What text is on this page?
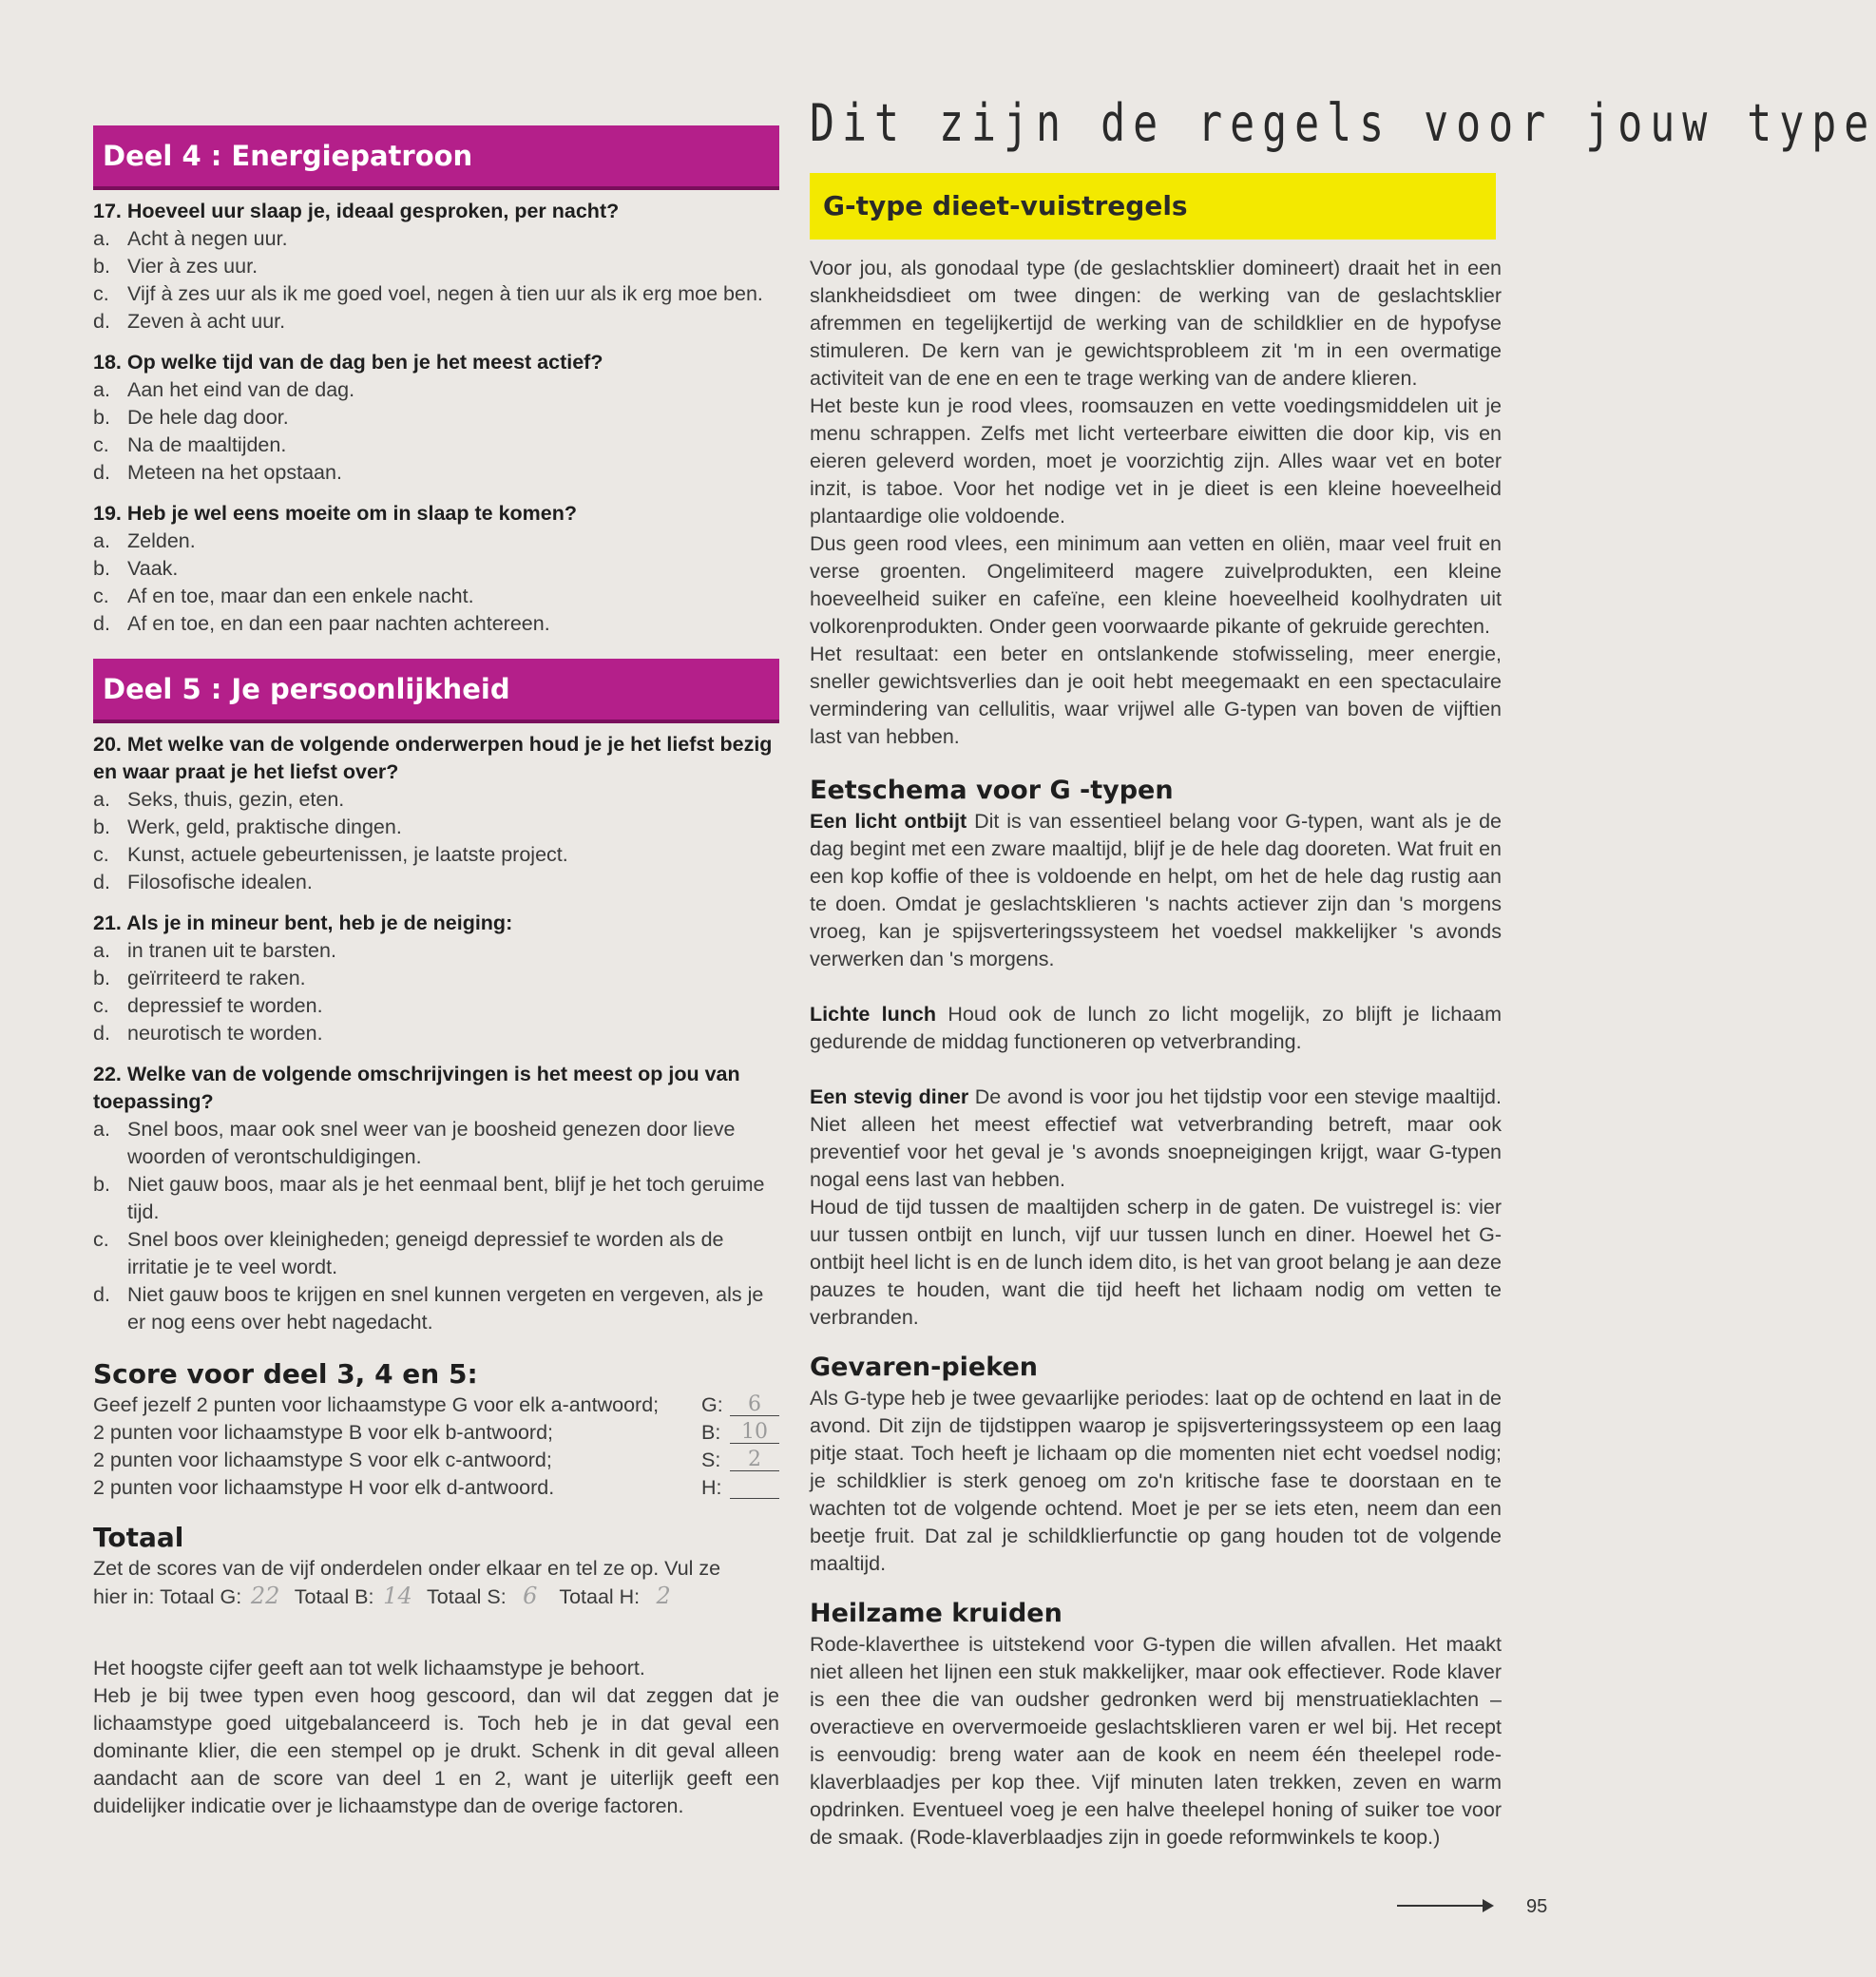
Deel 4 : Energiepatroon
17. Hoeveel uur slaap je, ideaal gesproken, per nacht?
a. Acht à negen uur.
b. Vier à zes uur.
c. Vijf à zes uur als ik me goed voel, negen à tien uur als ik erg moe ben.
d. Zeven à acht uur.
18. Op welke tijd van de dag ben je het meest actief?
a. Aan het eind van de dag.
b. De hele dag door.
c. Na de maaltijden.
d. Meteen na het opstaan.
19. Heb je wel eens moeite om in slaap te komen?
a. Zelden.
b. Vaak.
c. Af en toe, maar dan een enkele nacht.
d. Af en toe, en dan een paar nachten achtereen.
Deel 5 : Je persoonlijkheid
20. Met welke van de volgende onderwerpen houd je je het liefst bezig en waar praat je het liefst over?
a. Seks, thuis, gezin, eten.
b. Werk, geld, praktische dingen.
c. Kunst, actuele gebeurtenissen, je laatste project.
d. Filosofische idealen.
21. Als je in mineur bent, heb je de neiging:
a. in tranen uit te barsten.
b. geïrriteerd te raken.
c. depressief te worden.
d. neurotisch te worden.
22. Welke van de volgende omschrijvingen is het meest op jou van toepassing?
a. Snel boos, maar ook snel weer van je boosheid genezen door lieve woorden of verontschuldigingen.
b. Niet gauw boos, maar als je het eenmaal bent, blijf je het toch geruime tijd.
c. Snel boos over kleinigheden; geneigd depressief te worden als de irritatie je te veel wordt.
d. Niet gauw boos te krijgen en snel kunnen vergeten en vergeven, als je er nog eens over hebt nagedacht.
Score voor deel 3, 4 en 5:
Geef jezelf 2 punten voor lichaamstype G voor elk a-antwoord;	G:	6
2 punten voor lichaamstype B voor elk b-antwoord;	B: 10
2 punten voor lichaamstype S voor elk c-antwoord;	S:	2
2 punten voor lichaamstype H voor elk d-antwoord.	H:
Totaal
Zet de scores van de vijf onderdelen onder elkaar en tel ze op. Vul ze
hier in: Totaal G: 22 Totaal B: 14 Totaal S: 6 Totaal H: 2
Het hoogste cijfer geeft aan tot welk lichaamstype je behoort.
Heb je bij twee typen even hoog gescoord, dan wil dat zeggen dat je lichaamstype goed uitgebalanceerd is. Toch heb je in dat geval een dominante klier, die een stempel op je drukt. Schenk in dit geval alleen aandacht aan de score van deel 1 en 2, want je uiterlijk geeft een duidelijker indicatie over je lichaamstype dan de overige factoren.
Dit zijn de regels voor jouw type
G-type dieet-vuistregels

Voor jou, als gonodaal type (de geslachtsklier domineert) draait het in een slankheidsdieet om twee dingen: de werking van de geslachtsklier afremmen en tegelijkertijd de werking van de schildklier en de hypofyse stimuleren. De kern van je gewichtsprobleem zit 'm in een overmatige activiteit van de ene en een te trage werking van de andere klieren.

Het beste kun je rood vlees, roomsauzen en vette voedingsmiddelen uit je menu schrappen. Zelfs met licht verteerbare eiwitten die door kip, vis en eieren geleverd worden, moet je voorzichtig zijn. Alles waar vet en boter inzit, is taboe. Voor het nodige vet in je dieet is een kleine hoeveelheid plantaardige olie voldoende.

Dus geen rood vlees, een minimum aan vetten en oliën, maar veel fruit en verse groenten. Ongelimiteerd magere zuivelprodukten, een kleine hoeveelheid suiker en cafeïne, een kleine hoeveelheid koolhydraten uit volkorenprodukten. Onder geen voorwaarde pikante of gekruide gerechten.

Het resultaat: een beter en ontslankende stofwisseling, meer energie, sneller gewichtsverlies dan je ooit hebt meegemaakt en een spectaculaire vermindering van cellulitis, waar vrijwel alle G-typen van boven de vijftien last van hebben.

Eetschema voor G -typen

Een licht ontbijt Dit is van essentieel belang voor G-typen, want als je de dag begint met een zware maaltijd, blijf je de hele dag dooreten. Wat fruit en een kop koffie of thee is voldoende en helpt, om het de hele dag rustig aan te doen. Omdat je geslachtsklieren 's nachts actiever zijn dan 's morgens vroeg, kan je spijsverteringssysteem het voedsel makkelijker 's avonds verwerken dan 's morgens.

Lichte lunch Houd ook de lunch zo licht mogelijk, zo blijft je lichaam gedurende de middag functioneren op vetverbranding.

Een stevig diner De avond is voor jou het tijdstip voor een stevige maaltijd. Niet alleen het meest effectief wat vetverbranding betreft, maar ook preventief voor het geval je 's avonds snoepneigingen krijgt, waar G-typen nogal eens last van hebben.

Houd de tijd tussen de maaltijden scherp in de gaten. De vuistregel is: vier uur tussen ontbijt en lunch, vijf uur tussen lunch en diner. Hoewel het G-ontbijt heel licht is en de lunch idem dito, is het van groot belang je aan deze pauzes te houden, want die tijd heeft het lichaam nodig om vetten te verbranden.

Gevaren-pieken

Als G-type heb je twee gevaarlijke periodes: laat op de ochtend en laat in de avond. Dit zijn de tijdstippen waarop je spijsverteringssysteem op een laag pitje staat. Toch heeft je lichaam op die momenten niet echt voedsel nodig; je schildklier is sterk genoeg om zo'n kritische fase te doorstaan en te wachten tot de volgende ochtend. Moet je per se iets eten, neem dan een beetje fruit. Dat zal je schildklierfunctie op gang houden tot de volgende maaltijd.

Heilzame kruiden

Rode-klaverthee is uitstekend voor G-typen die willen afvallen. Het maakt niet alleen het lijnen een stuk makkelijker, maar ook effectiever. Rode klaver is een thee die van oudsher gedronken werd bij menstruatieklachten – overactieve en oververmoeide geslachtsklieren varen er wel bij. Het recept is eenvoudig: breng water aan de kook en neem één theelepel rode-klaverblaadjes per kop thee. Vijf minuten laten trekken, zeven en warm opdrinken. Eventueel voeg je een halve theelepel honing of suiker toe voor de smaak. (Rode-klaverblaadjes zijn in goede reformwinkels te koop.)

95
